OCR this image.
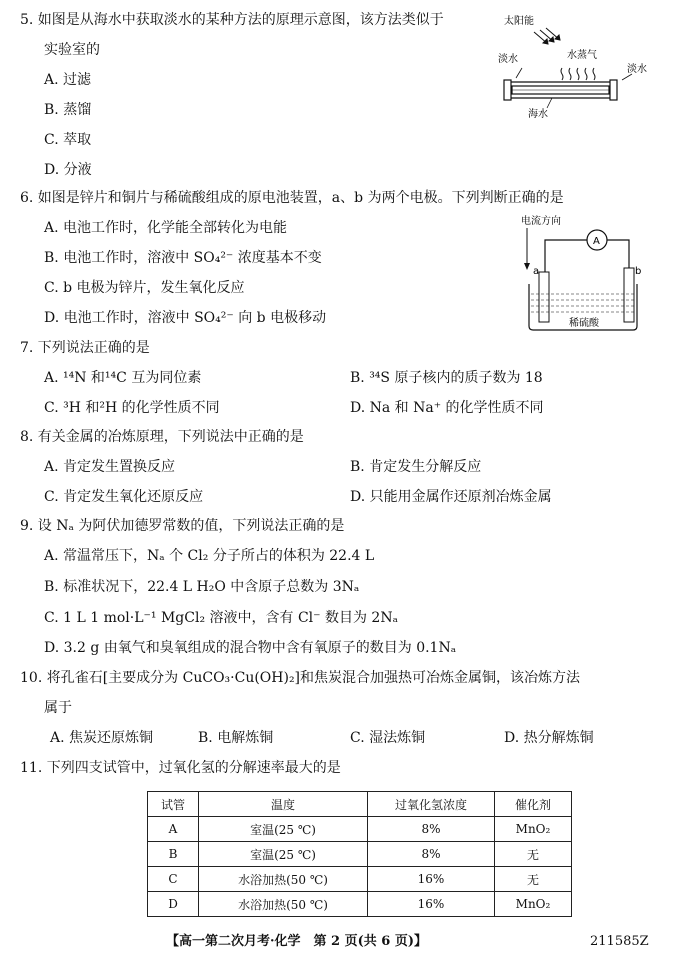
5. 如图是从海水中获取淡水的某种方法的原理示意图，该方法类似于
实验室的
A. 过滤
B. 蒸馏
C. 萃取
D. 分液
太阳能
水蒸气
淡水
淡水
海水
6. 如图是锌片和铜片与稀硫酸组成的原电池装置，a、b 为两个电极。下列判断正确的是
A. 电池工作时，化学能全部转化为电能
B. 电池工作时，溶液中 SO₄²⁻ 浓度基本不变
C. b 电极为锌片，发生氧化反应
D. 电池工作时，溶液中 SO₄²⁻ 向 b 电极移动
电流方向
A
a	b
稀硫酸
7. 下列说法正确的是
A. ¹⁴N 和¹⁴C 互为同位素	B. ³⁴S 原子核内的质子数为 18
C. ³H 和²H 的化学性质不同	D. Na 和 Na⁺ 的化学性质不同
8. 有关金属的冶炼原理，下列说法中正确的是
A. 肯定发生置换反应	B. 肯定发生分解反应
C. 肯定发生氧化还原反应	D. 只能用金属作还原剂冶炼金属
9. 设 Nₐ 为阿伏加德罗常数的值，下列说法正确的是
A. 常温常压下，Nₐ 个 Cl₂ 分子所占的体积为 22.4 L
B. 标准状况下，22.4 L H₂O 中含原子总数为 3Nₐ
C. 1 L 1 mol·L⁻¹ MgCl₂ 溶液中，含有 Cl⁻ 数目为 2Nₐ
D. 3.2 g 由氧气和臭氧组成的混合物中含有氧原子的数目为 0.1Nₐ
10. 将孔雀石[主要成分为 CuCO₃·Cu(OH)₂]和焦炭混合加强热可冶炼金属铜，该冶炼方法
属于
A. 焦炭还原炼铜	B. 电解炼铜	C. 湿法炼铜	D. 热分解炼铜
11. 下列四支试管中，过氧化氢的分解速率最大的是
试管	温度	过氧化氢浓度	催化剂
A	室温(25 ℃)	8%	MnO₂
B	室温(25 ℃)	8%	无
C	水浴加热(50 ℃)	16%	无
D	水浴加热(50 ℃)	16%	MnO₂
【高一第二次月考·化学　第 2 页(共 6 页)】	211585Z
